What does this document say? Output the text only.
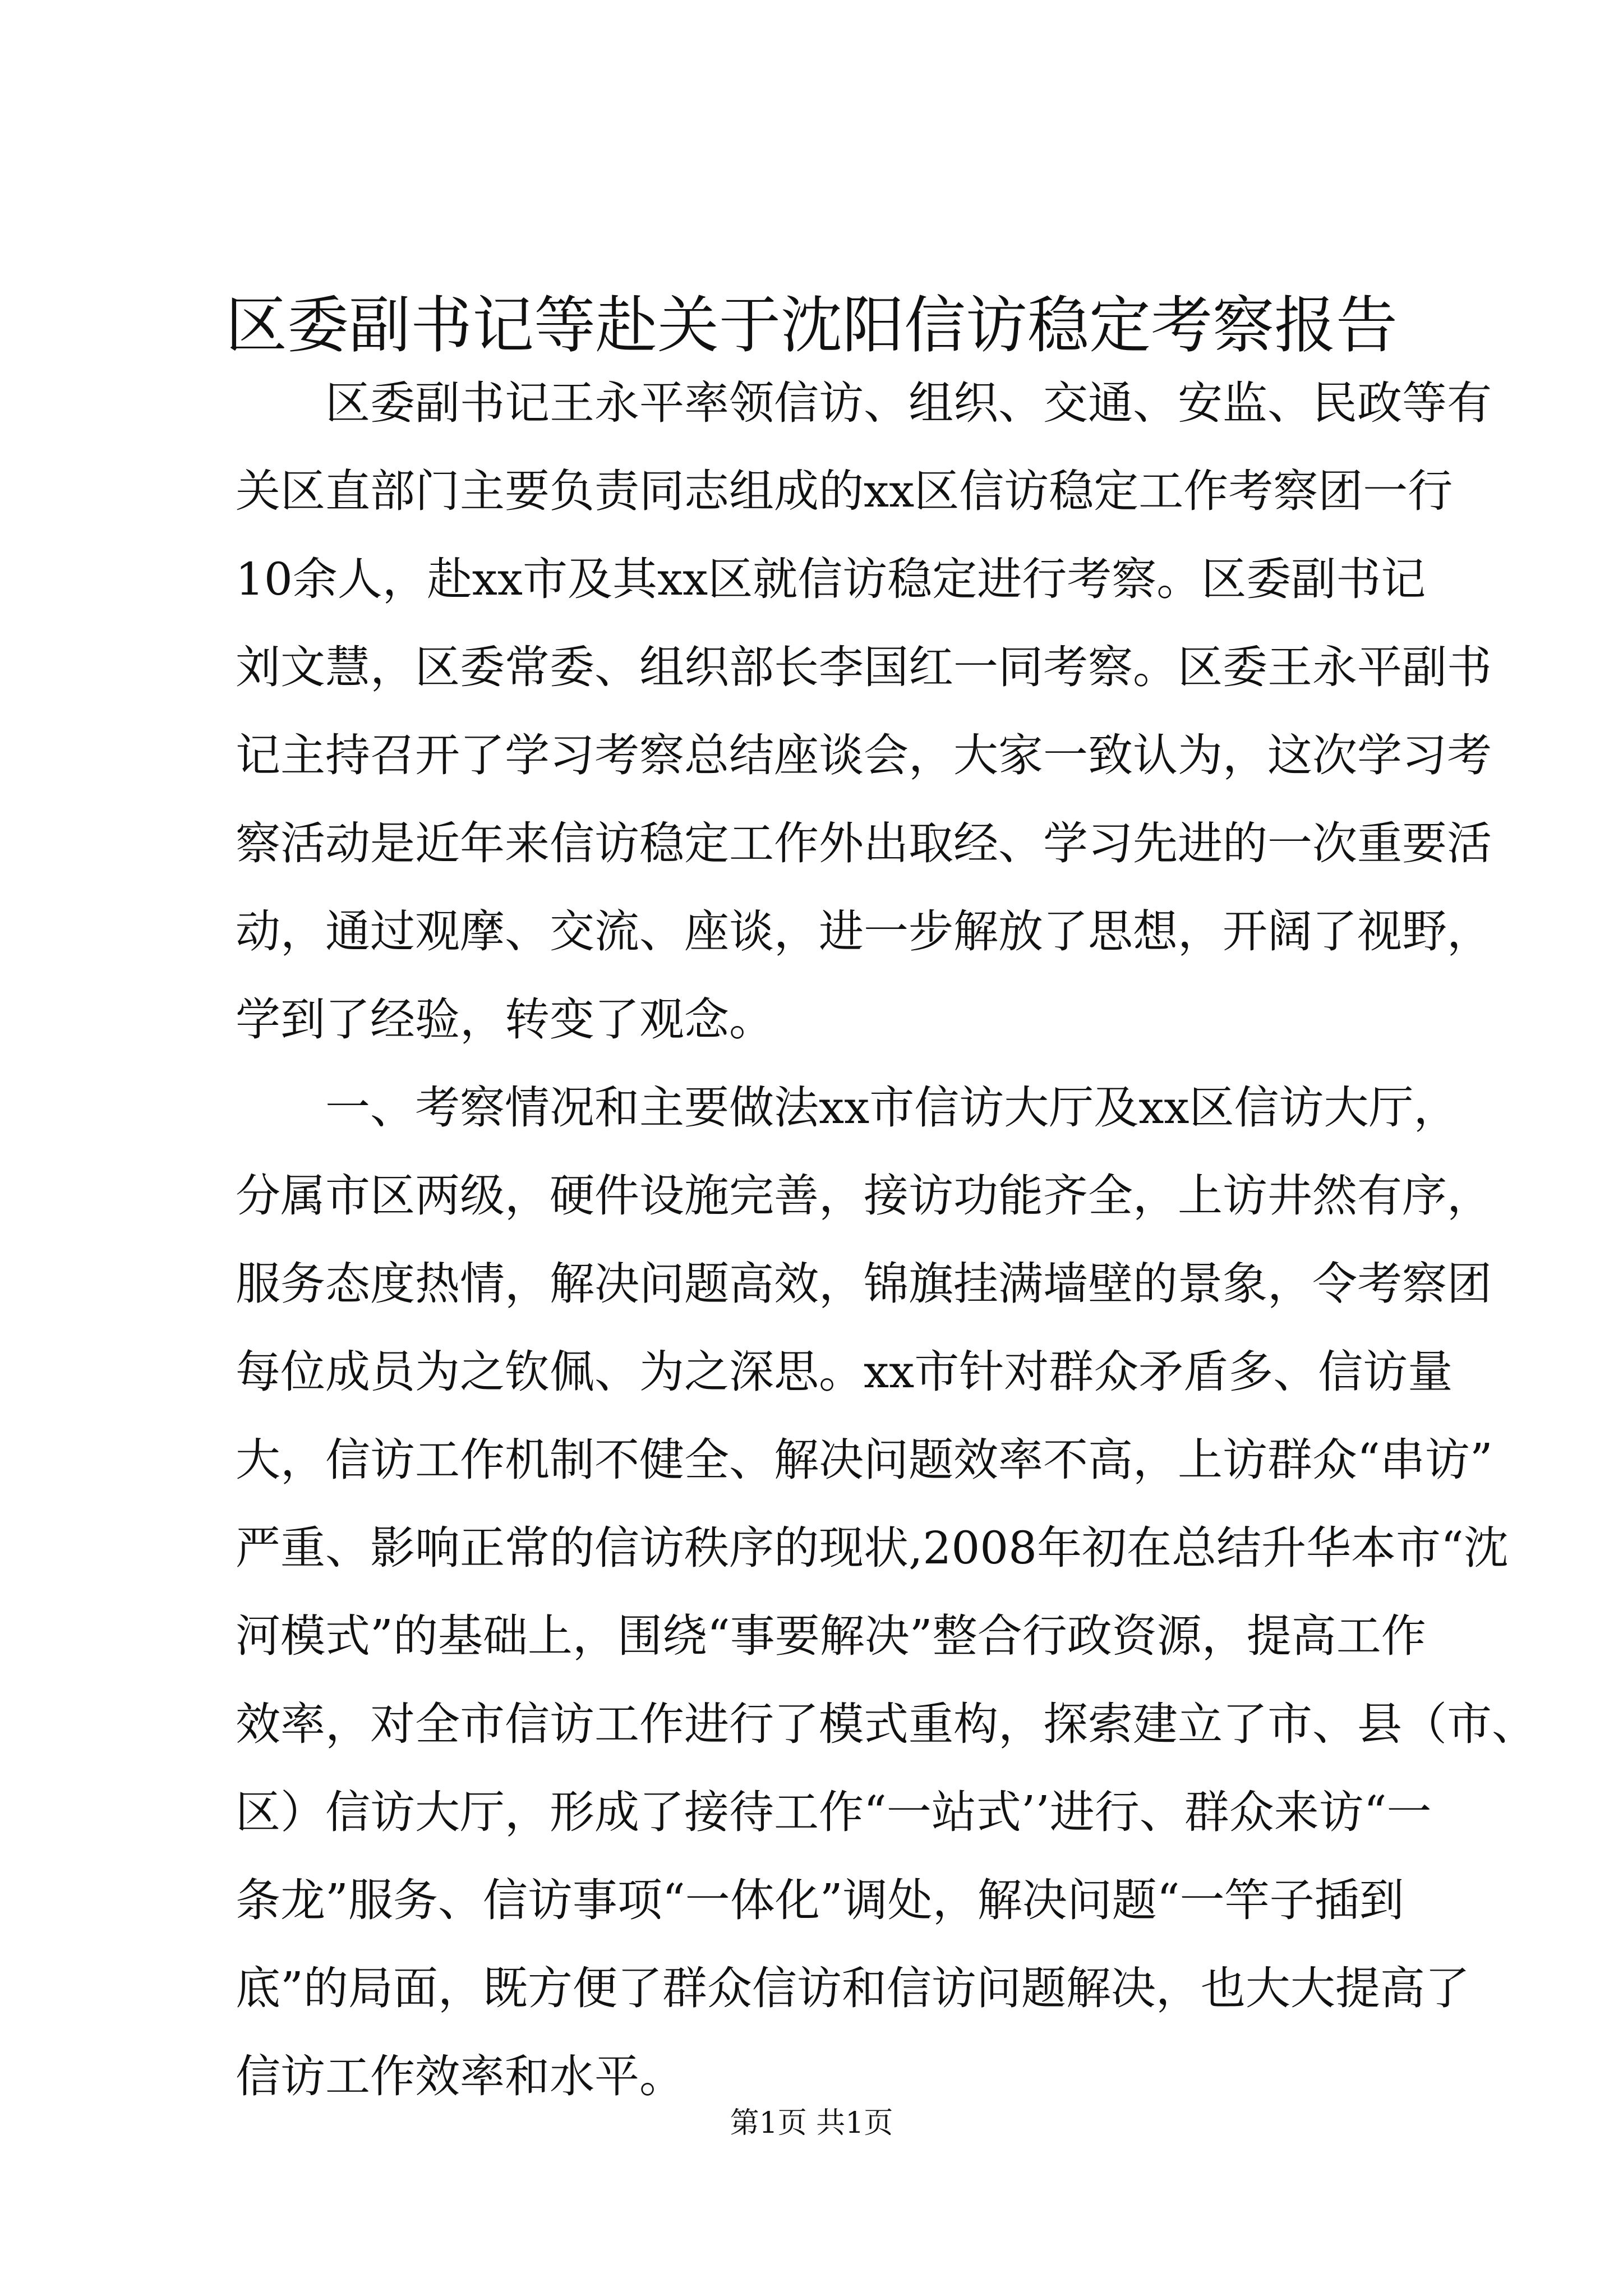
区委副书记等赴关于沈阳信访稳定考察报告
区委副书记王永平率领信访、组织、交通、安监、民政等有
关区直部门主要负责同志组成的xx区信访稳定工作考察团一行
10余人，赴xx市及其xx区就信访稳定进行考察。区委副书记
刘文慧，区委常委、组织部长李国红一同考察。区委王永平副书
记主持召开了学习考察总结座谈会，大家一致认为，这次学习考
察活动是近年来信访稳定工作外出取经、学习先进的一次重要活
动，通过观摩、交流、座谈，进一步解放了思想，开阔了视野，
学到了经验，转变了观念。
一、考察情况和主要做法xx市信访大厅及xx区信访大厅，
分属市区两级，硬件设施完善，接访功能齐全，上访井然有序，
服务态度热情，解决问题高效，锦旗挂满墙壁的景象，令考察团
每位成员为之钦佩、为之深思。xx市针对群众矛盾多、信访量
大，信访工作机制不健全、解决问题效率不高，上访群众“串访”
严重、影响正常的信访秩序的现状,2008年初在总结升华本市“沈
河模式”的基础上，围绕“事要解决”整合行政资源，提高工作
效率，对全市信访工作进行了模式重构，探索建立了市、县（市、
区）信访大厅，形成了接待工作“一站式’’进行、群众来访“一
条龙”服务、信访事项“一体化”调处，解决问题“一竿子插到
底”的局面，既方便了群众信访和信访问题解决，也大大提高了
信访工作效率和水平。
第1页 共1页
